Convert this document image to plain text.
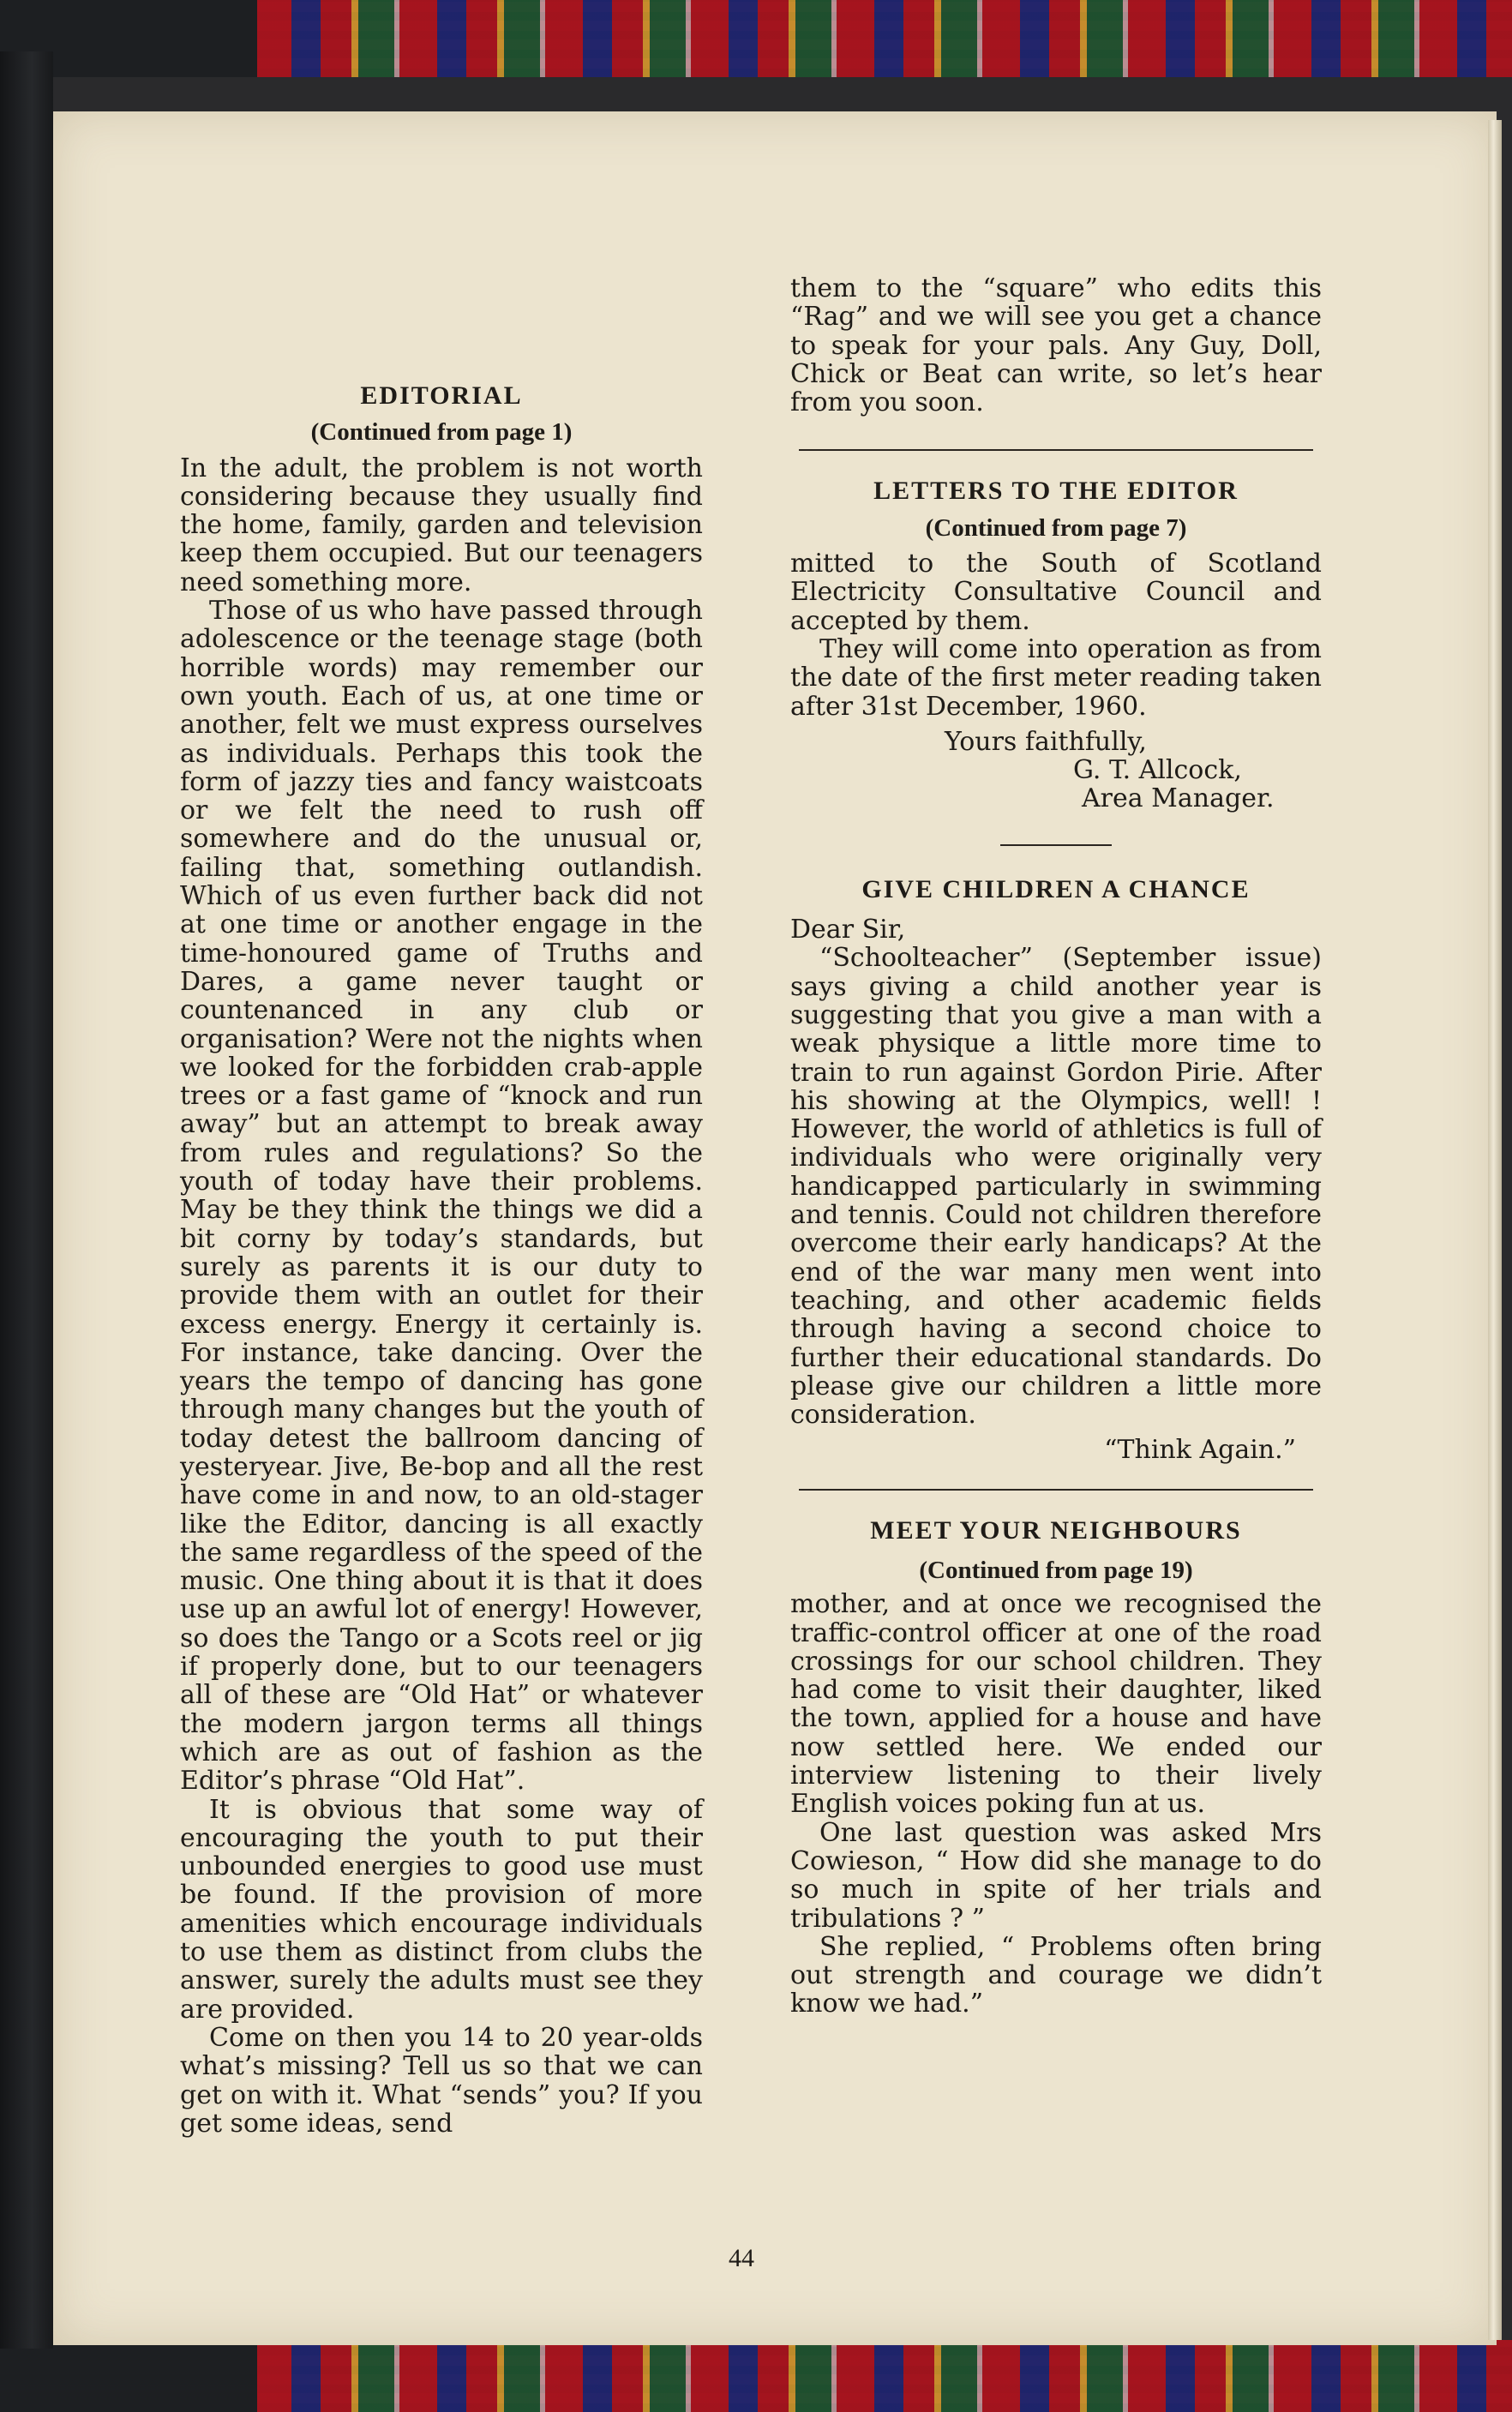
EDITORIAL

(Continued from page 1)

In the adult, the problem is not worth considering because they usually find the home, family, garden and television keep them occupied. But our teenagers need something more.

Those of us who have passed through adolescence or the teenage stage (both horrible words) may remember our own youth. Each of us, at one time or another, felt we must express ourselves as individuals. Perhaps this took the form of jazzy ties and fancy waistcoats or we felt the need to rush off somewhere and do the unusual or, failing that, something outlandish. Which of us even further back did not at one time or another engage in the time-honoured game of Truths and Dares, a game never taught or countenanced in any club or organisation? Were not the nights when we looked for the forbidden crab-apple trees or a fast game of “knock and run away” but an attempt to break away from rules and regulations? So the youth of today have their problems. May be they think the things we did a bit corny by today’s standards, but surely as parents it is our duty to provide them with an outlet for their excess energy. Energy it certainly is. For instance, take dancing. Over the years the tempo of dancing has gone through many changes but the youth of today detest the ballroom dancing of yesteryear. Jive, Be-bop and all the rest have come in and now, to an old-stager like the Editor, dancing is all exactly the same regardless of the speed of the music. One thing about it is that it does use up an awful lot of energy! However, so does the Tango or a Scots reel or jig if properly done, but to our teenagers all of these are “Old Hat” or whatever the modern jargon terms all things which are as out of fashion as the Editor’s phrase “Old Hat”.

It is obvious that some way of encouraging the youth to put their unbounded energies to good use must be found. If the provision of more amenities which encourage individuals to use them as distinct from clubs the answer, surely the adults must see they are provided.

Come on then you 14 to 20 year-olds what’s missing? Tell us so that we can get on with it. What “sends” you? If you get some ideas, send

them to the “square” who edits this “Rag” and we will see you get a chance to speak for your pals. Any Guy, Doll, Chick or Beat can write, so let’s hear from you soon.

LETTERS TO THE EDITOR

(Continued from page 7)

mitted to the South of Scotland Electricity Consultative Council and accepted by them.

They will come into operation as from the date of the first meter reading taken after 31st December, 1960.

Yours faithfully,

G. T. Allcock,

Area Manager.

GIVE CHILDREN A CHANCE

Dear Sir,

“Schoolteacher” (September issue) says giving a child another year is suggesting that you give a man with a weak physique a little more time to train to run against Gordon Pirie. After his showing at the Olympics, well! ! However, the world of athletics is full of individuals who were originally very handicapped particularly in swimming and tennis. Could not children therefore overcome their early handicaps? At the end of the war many men went into teaching, and other academic fields through having a second choice to further their educational standards. Do please give our children a little more consideration.

“Think Again.”

MEET YOUR NEIGHBOURS

(Continued from page 19)

mother, and at once we recognised the traffic-control officer at one of the road crossings for our school children. They had come to visit their daughter, liked the town, applied for a house and have now settled here. We ended our interview listening to their lively English voices poking fun at us.

One last question was asked Mrs Cowieson, “ How did she manage to do so much in spite of her trials and tribulations ? ”

She replied, “ Problems often bring out strength and courage we didn’t know we had.”

44
